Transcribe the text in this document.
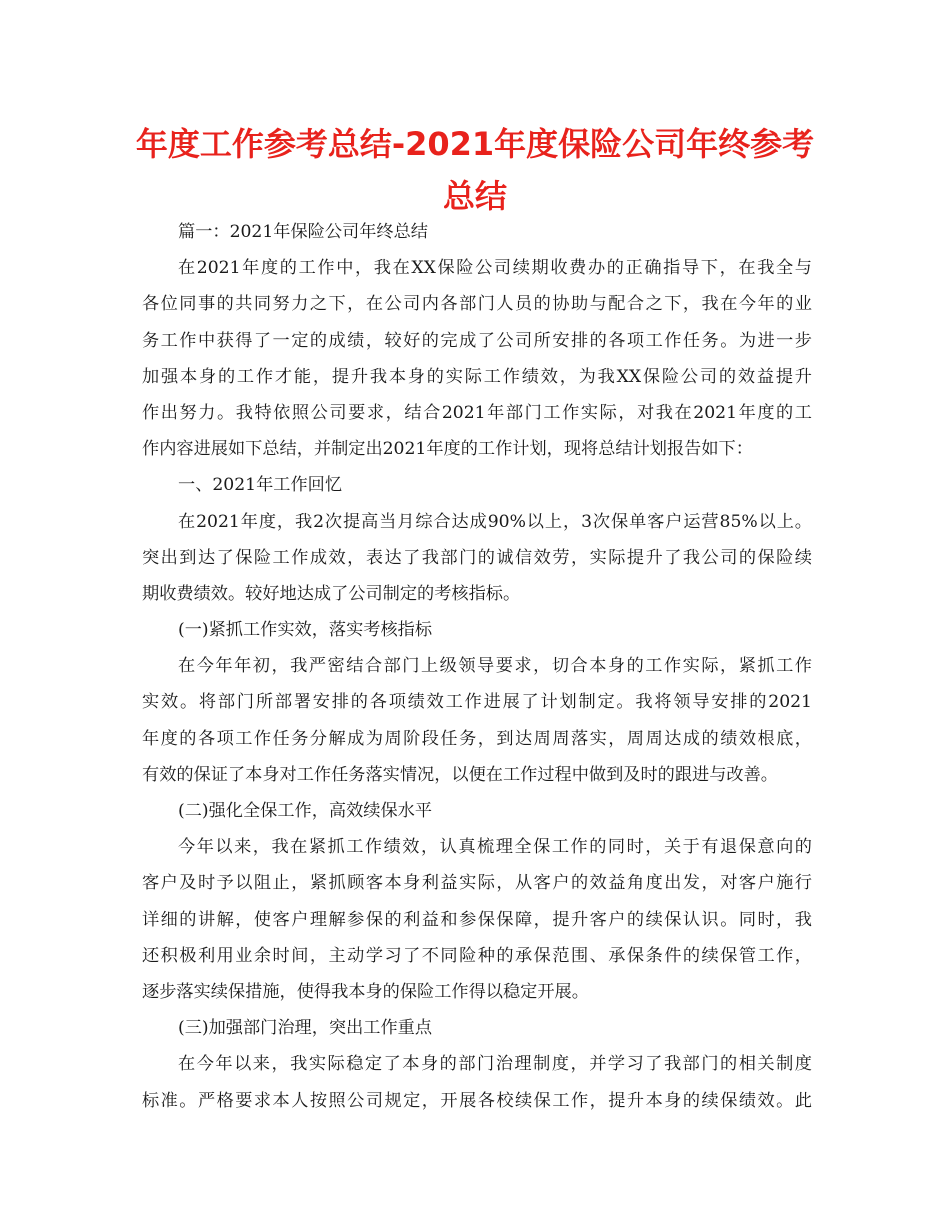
年度工作参考总结-2021年度保险公司年终参考总结
篇一：2021年保险公司年终总结
在2021年度的工作中，我在XX保险公司续期收费办的正确指导下，在我全与
各位同事的共同努力之下，在公司内各部门人员的协助与配合之下，我在今年的业
务工作中获得了一定的成绩，较好的完成了公司所安排的各项工作任务。为进一步
加强本身的工作才能，提升我本身的实际工作绩效，为我XX保险公司的效益提升
作出努力。我特依照公司要求，结合2021年部门工作实际，对我在2021年度的工
作内容进展如下总结，并制定出2021年度的工作计划，现将总结计划报告如下：
一、2021年工作回忆
在2021年度，我2次提高当月综合达成90%以上，3次保单客户运营85%以上。
突出到达了保险工作成效，表达了我部门的诚信效劳，实际提升了我公司的保险续
期收费绩效。较好地达成了公司制定的考核指标。
(一)紧抓工作实效，落实考核指标
在今年年初，我严密结合部门上级领导要求，切合本身的工作实际，紧抓工作
实效。将部门所部署安排的各项绩效工作进展了计划制定。我将领导安排的2021
年度的各项工作任务分解成为周阶段任务，到达周周落实，周周达成的绩效根底，
有效的保证了本身对工作任务落实情况，以便在工作过程中做到及时的跟进与改善。
(二)强化全保工作，高效续保水平
今年以来，我在紧抓工作绩效，认真梳理全保工作的同时，关于有退保意向的
客户及时予以阻止，紧抓顾客本身利益实际，从客户的效益角度出发，对客户施行
详细的讲解，使客户理解参保的利益和参保保障，提升客户的续保认识。同时，我
还积极利用业余时间，主动学习了不同险种的承保范围、承保条件的续保管工作，
逐步落实续保措施，使得我本身的保险工作得以稳定开展。
(三)加强部门治理，突出工作重点
在今年以来，我实际稳定了本身的部门治理制度，并学习了我部门的相关制度
标准。严格要求本人按照公司规定，开展各校续保工作，提升本身的续保绩效。此
